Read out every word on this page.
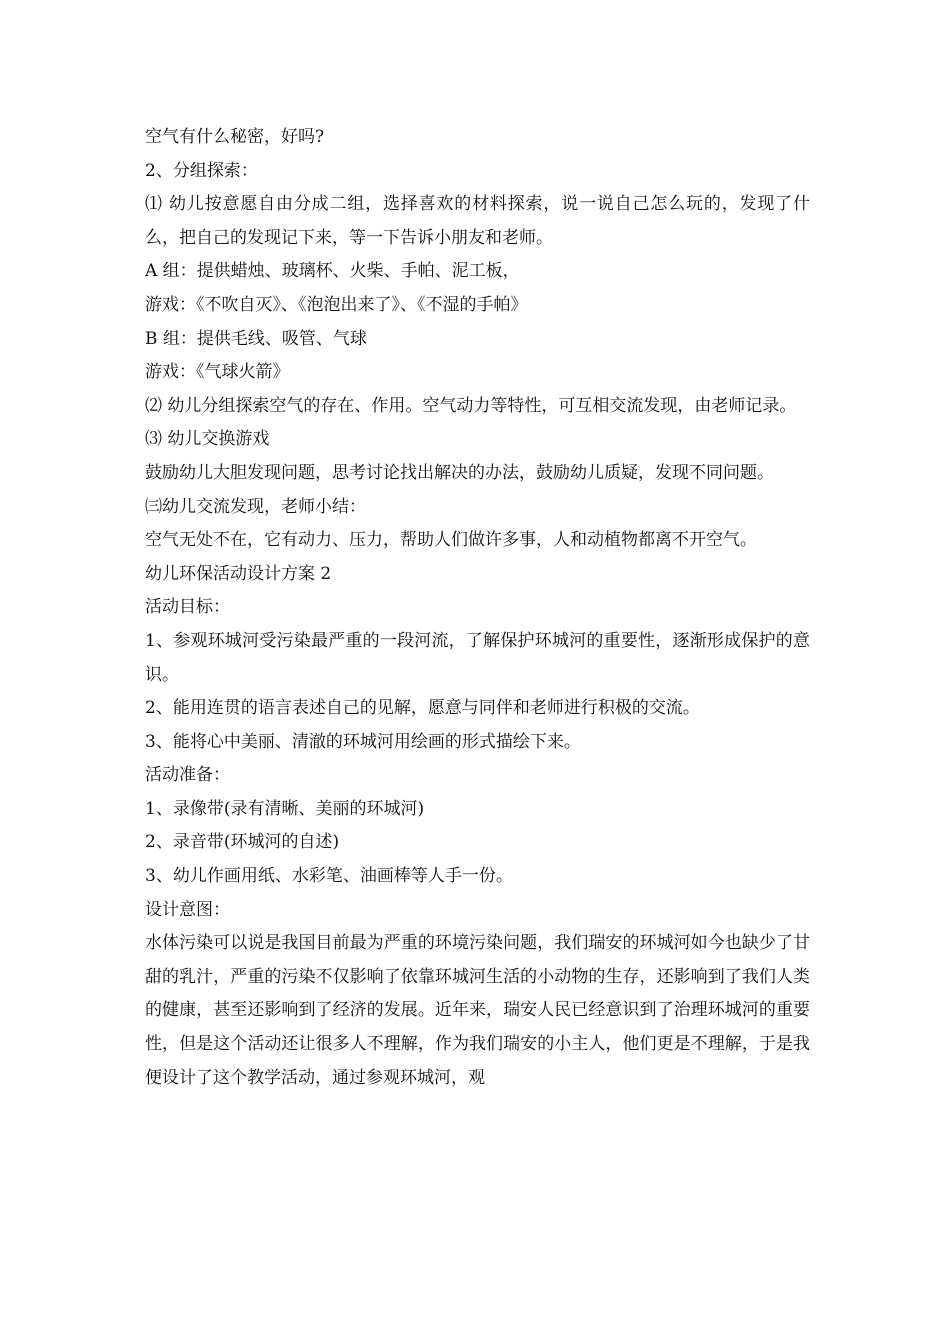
空气有什么秘密，好吗?

2、分组探索：

⑴ 幼儿按意愿自由分成二组，选择喜欢的材料探索，说一说自己怎么玩的，发现了什么，把自己的发现记下来，等一下告诉小朋友和老师。

A 组：提供蜡烛、玻璃杯、火柴、手帕、泥工板，

游戏：《不吹自灭》、《泡泡出来了》、《不湿的手帕》

B 组：提供毛线、吸管、气球

游戏：《气球火箭》

⑵ 幼儿分组探索空气的存在、作用。空气动力等特性，可互相交流发现，由老师记录。

⑶ 幼儿交换游戏

鼓励幼儿大胆发现问题，思考讨论找出解决的办法，鼓励幼儿质疑，发现不同问题。

㈢幼儿交流发现，老师小结：

空气无处不在，它有动力、压力，帮助人们做许多事，人和动植物都离不开空气。

幼儿环保活动设计方案 2

活动目标：

1、参观环城河受污染最严重的一段河流，了解保护环城河的重要性，逐渐形成保护的意识。

2、能用连贯的语言表述自己的见解，愿意与同伴和老师进行积极的交流。

3、能将心中美丽、清澈的环城河用绘画的形式描绘下来。

活动准备：

1、录像带(录有清晰、美丽的环城河)

2、录音带(环城河的自述)

3、幼儿作画用纸、水彩笔、油画棒等人手一份。

设计意图：

水体污染可以说是我国目前最为严重的环境污染问题，我们瑞安的环城河如今也缺少了甘甜的乳汁，严重的污染不仅影响了依靠环城河生活的小动物的生存，还影响到了我们人类的健康，甚至还影响到了经济的发展。近年来，瑞安人民已经意识到了治理环城河的重要性，但是这个活动还让很多人不理解，作为我们瑞安的小主人，他们更是不理解，于是我便设计了这个教学活动，通过参观环城河，观
